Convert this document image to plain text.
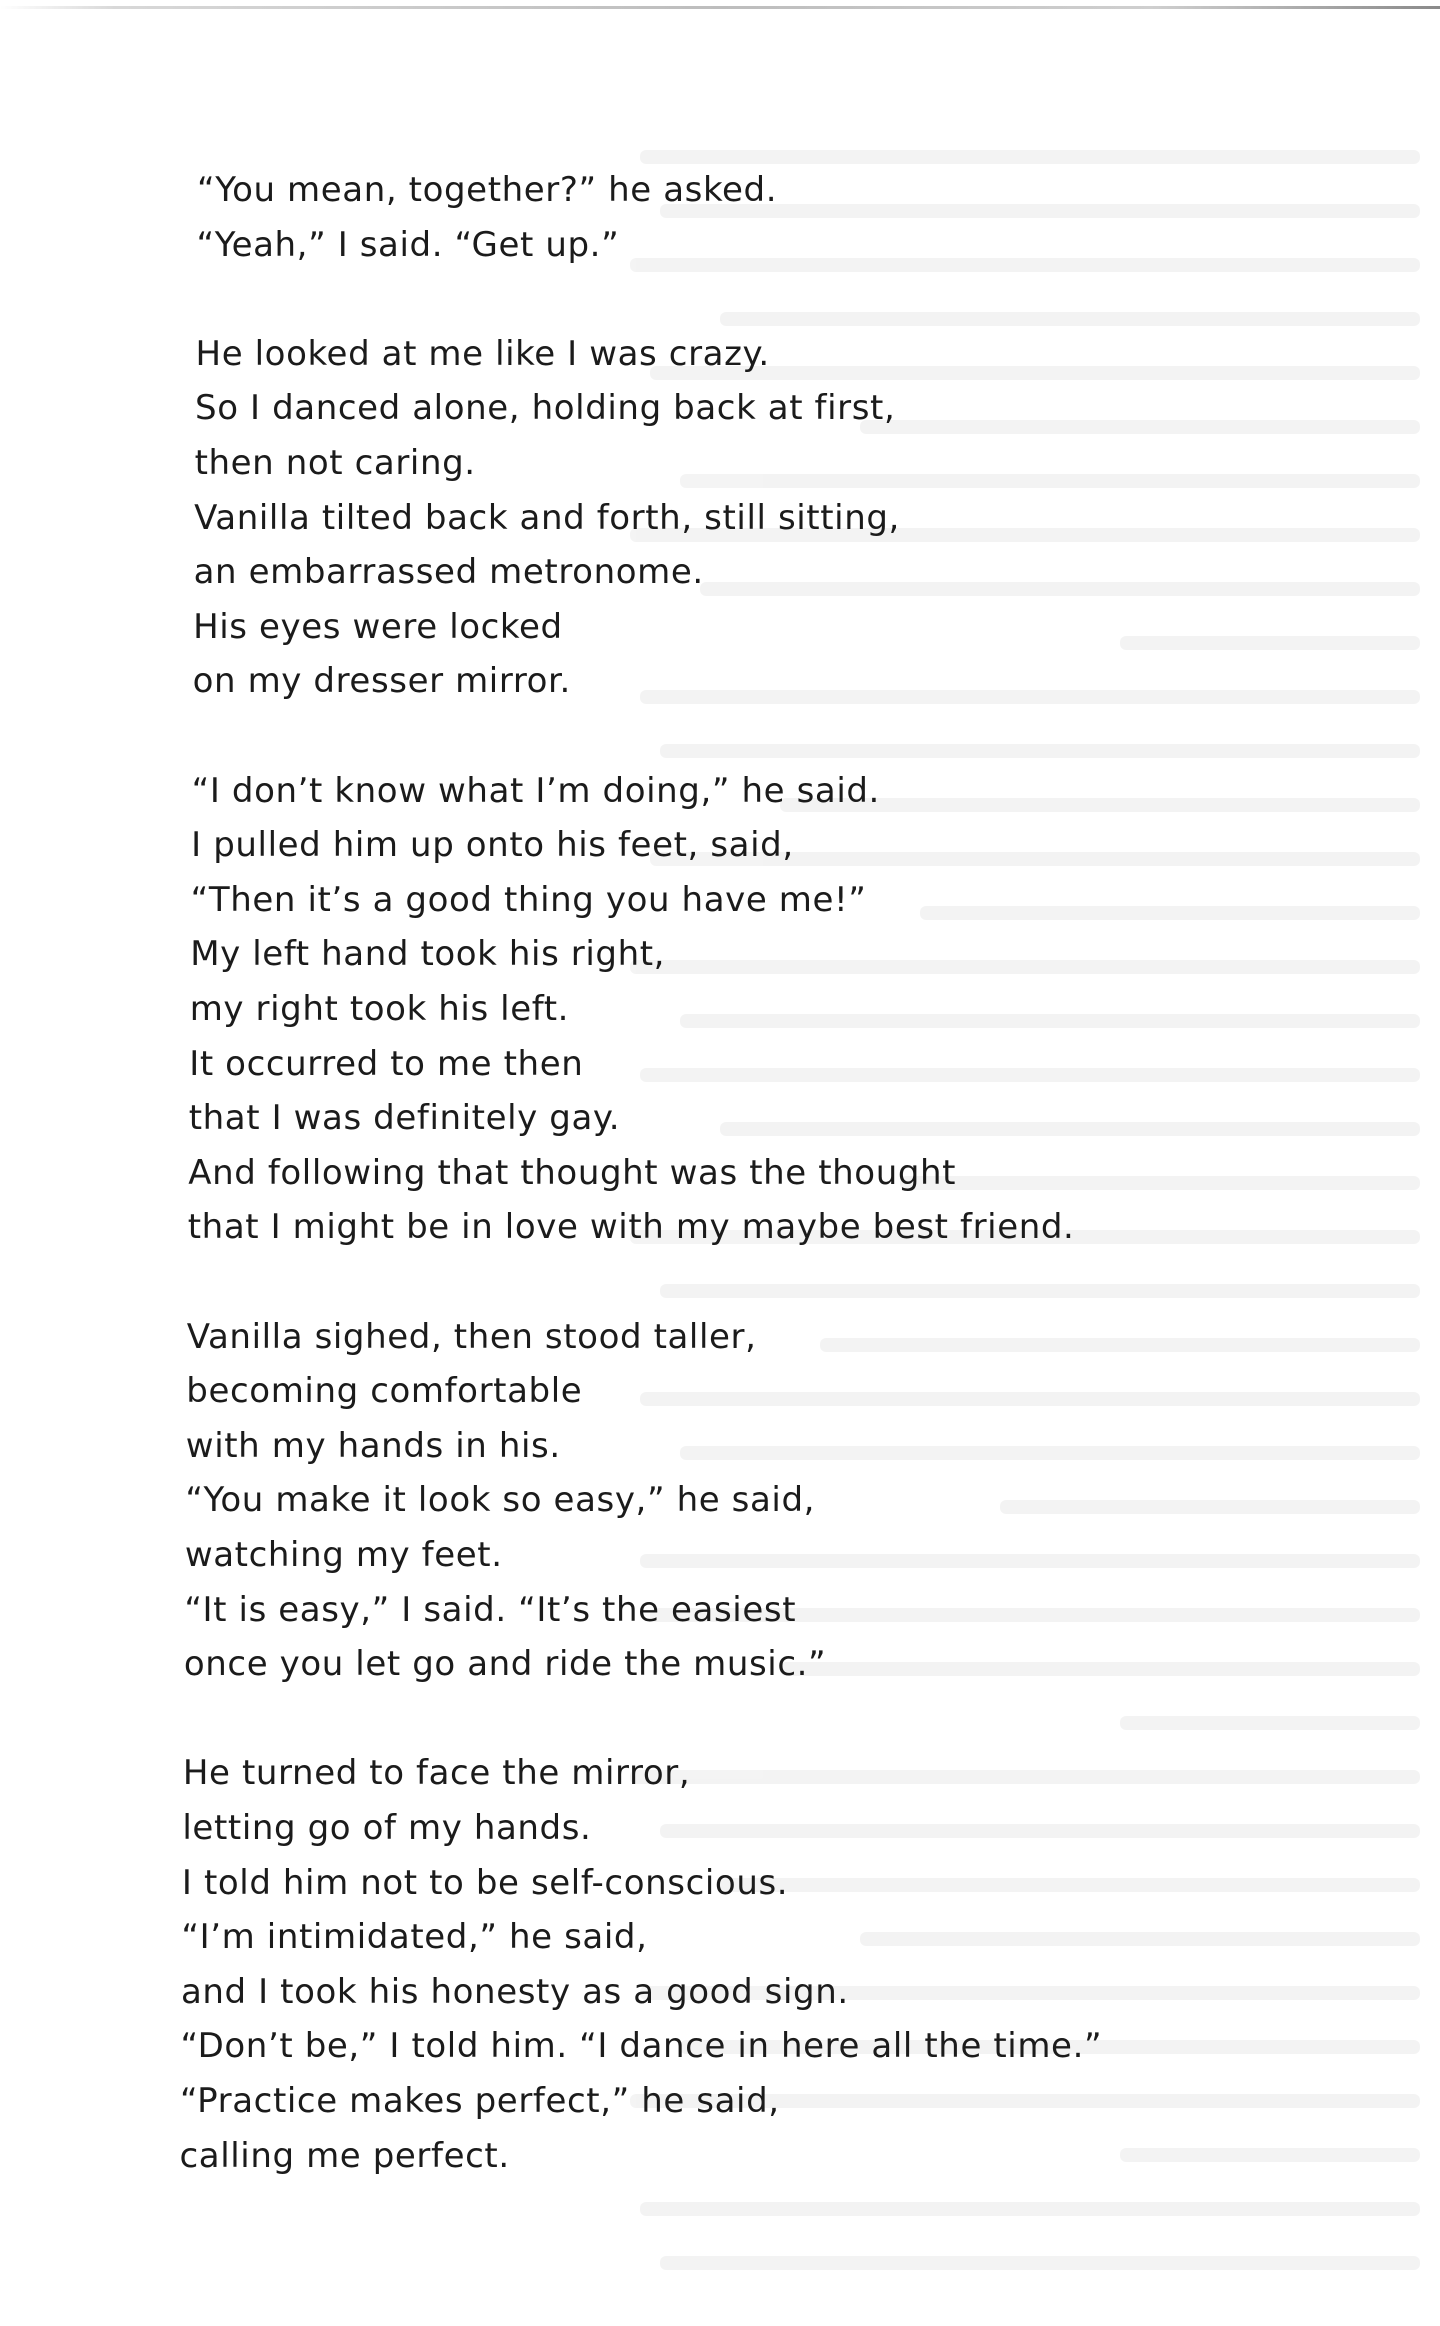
“You mean, together?” he asked.
“Yeah,” I said. “Get up.”
He looked at me like I was crazy.
So I danced alone, holding back at first,
then not caring.
Vanilla tilted back and forth, still sitting,
an embarrassed metronome.
His eyes were locked
on my dresser mirror.
“I don’t know what I’m doing,” he said.
I pulled him up onto his feet, said,
“Then it’s a good thing you have me!”
My left hand took his right,
my right took his left.
It occurred to me then
that I was definitely gay.
And following that thought was the thought
that I might be in love with my maybe best friend.
Vanilla sighed, then stood taller,
becoming comfortable
with my hands in his.
“You make it look so easy,” he said,
watching my feet.
“It is easy,” I said. “It’s the easiest
once you let go and ride the music.”
He turned to face the mirror,
letting go of my hands.
I told him not to be self-conscious.
“I’m intimidated,” he said,
and I took his honesty as a good sign.
“Don’t be,” I told him. “I dance in here all the time.”
“Practice makes perfect,” he said,
calling me perfect.
